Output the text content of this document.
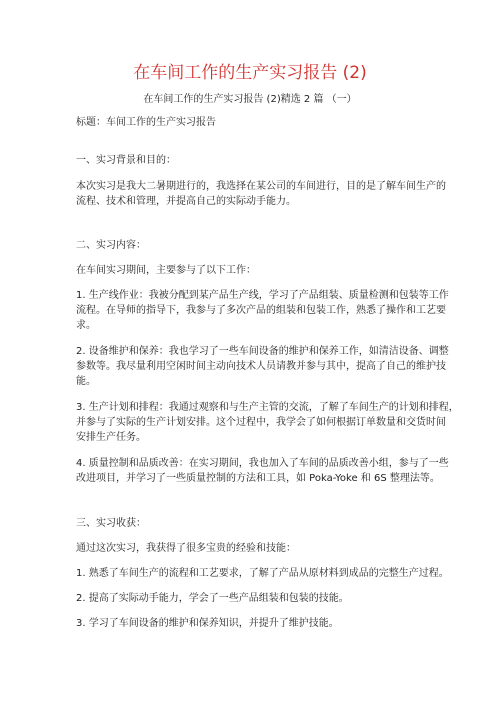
在车间工作的生产实习报告 (2)
在车间工作的生产实习报告 (2)精选 2 篇 （一）
标题：车间工作的生产实习报告
一、实习背景和目的：
本次实习是我大二暑期进行的，我选择在某公司的车间进行，目的是了解车间生产的
流程、技术和管理，并提高自己的实际动手能力。
二、实习内容：
在车间实习期间，主要参与了以下工作：
1. 生产线作业：我被分配到某产品生产线，学习了产品组装、质量检测和包装等工作
流程。在导师的指导下，我参与了多次产品的组装和包装工作，熟悉了操作和工艺要
求。
2. 设备维护和保养：我也学习了一些车间设备的维护和保养工作，如清洁设备、调整
参数等。我尽量利用空闲时间主动向技术人员请教并参与其中，提高了自己的维护技
能。
3. 生产计划和排程：我通过观察和与生产主管的交流，了解了车间生产的计划和排程，
并参与了实际的生产计划安排。这个过程中，我学会了如何根据订单数量和交货时间
安排生产任务。
4. 质量控制和品质改善：在实习期间，我也加入了车间的品质改善小组，参与了一些
改进项目，并学习了一些质量控制的方法和工具，如 Poka-Yoke 和 6S 整理法等。
三、实习收获：
通过这次实习，我获得了很多宝贵的经验和技能：
1. 熟悉了车间生产的流程和工艺要求，了解了产品从原材料到成品的完整生产过程。
2. 提高了实际动手能力，学会了一些产品组装和包装的技能。
3. 学习了车间设备的维护和保养知识，并提升了维护技能。
